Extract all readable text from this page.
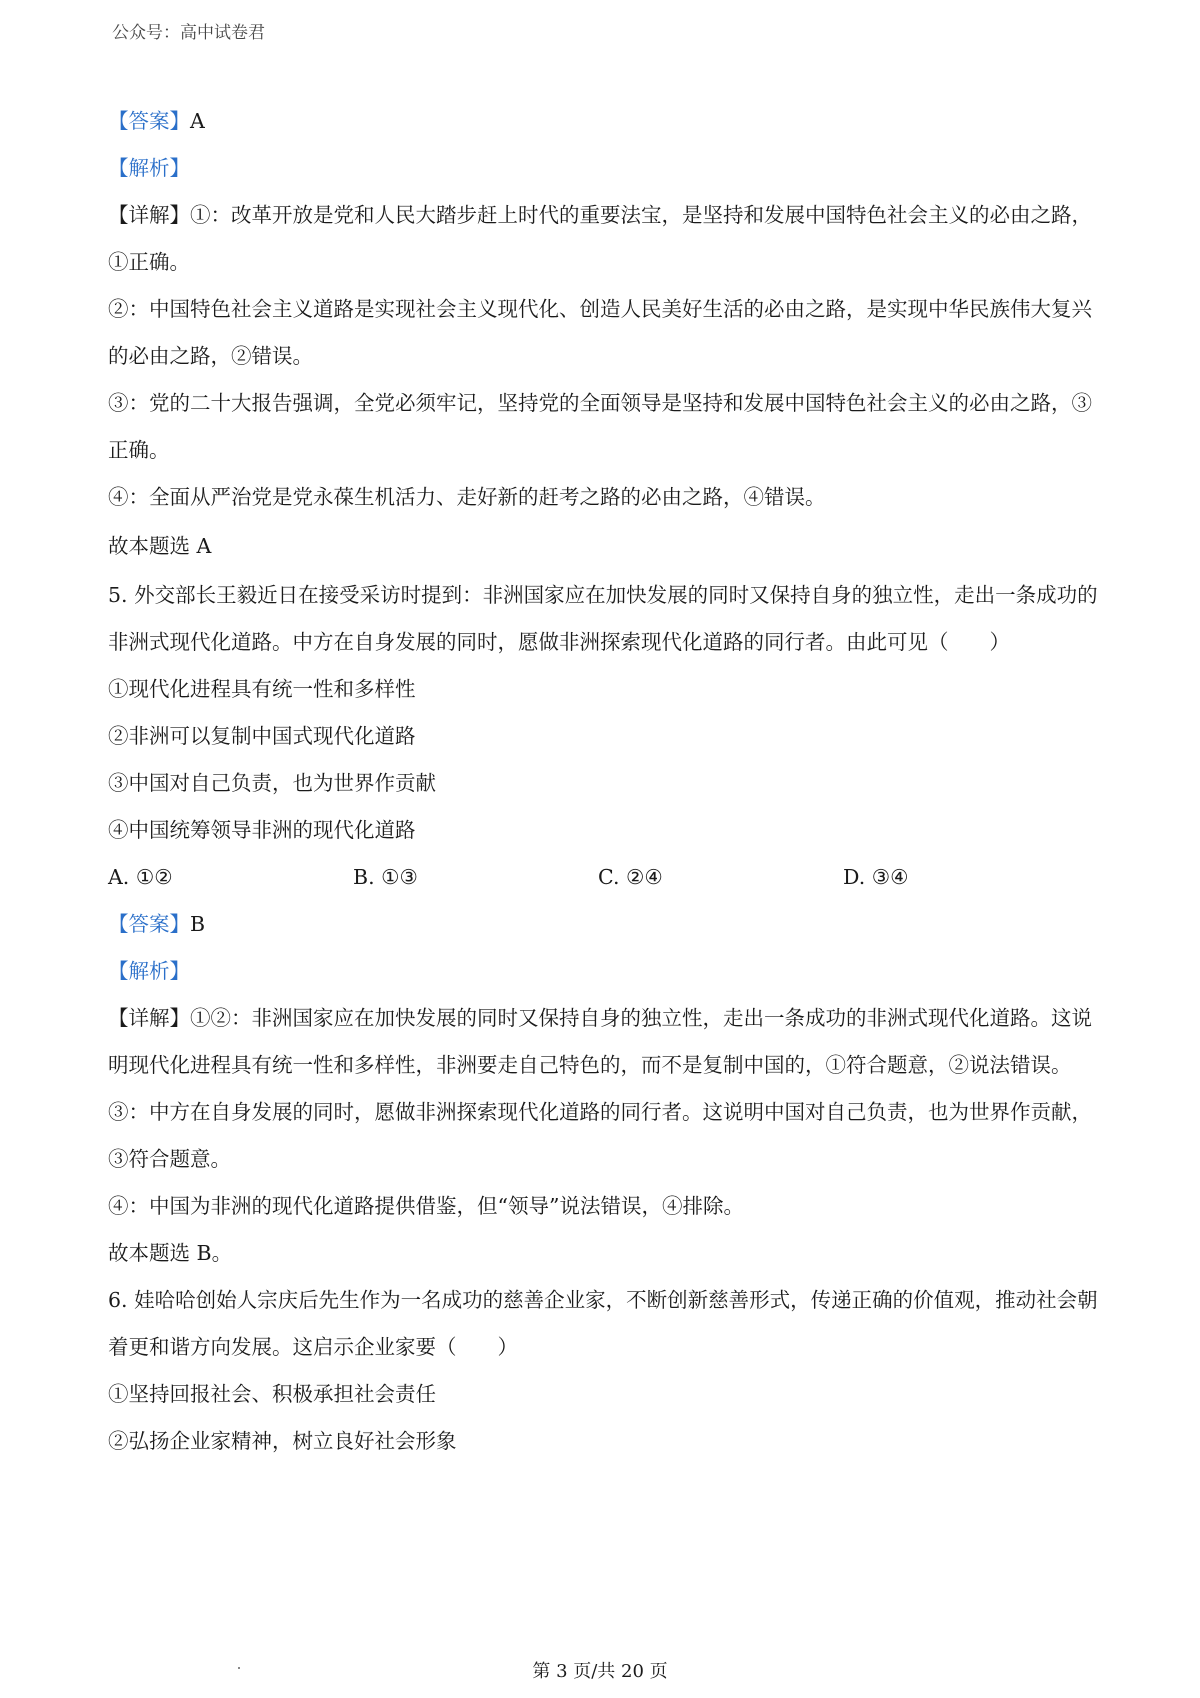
公众号：高中试卷君
【答案】A
【解析】
【详解】①：改革开放是党和人民大踏步赶上时代的重要法宝，是坚持和发展中国特色社会主义的必由之路，①正确。
②：中国特色社会主义道路是实现社会主义现代化、创造人民美好生活的必由之路，是实现中华民族伟大复兴的必由之路，②错误。
③：党的二十大报告强调，全党必须牢记，坚持党的全面领导是坚持和发展中国特色社会主义的必由之路，③正确。
④：全面从严治党是党永葆生机活力、走好新的赶考之路的必由之路，④错误。
故本题选 A
5. 外交部长王毅近日在接受采访时提到：非洲国家应在加快发展的同时又保持自身的独立性，走出一条成功的非洲式现代化道路。中方在自身发展的同时，愿做非洲探索现代化道路的同行者。由此可见（　　）
①现代化进程具有统一性和多样性
②非洲可以复制中国式现代化道路
③中国对自己负责，也为世界作贡献
④中国统筹领导非洲的现代化道路
A. ①②	B. ①③	C. ②④	D. ③④
【答案】B
【解析】
【详解】①②：非洲国家应在加快发展的同时又保持自身的独立性，走出一条成功的非洲式现代化道路。这说明现代化进程具有统一性和多样性，非洲要走自己特色的，而不是复制中国的，①符合题意，②说法错误。
③：中方在自身发展的同时，愿做非洲探索现代化道路的同行者。这说明中国对自己负责，也为世界作贡献，③符合题意。
④：中国为非洲的现代化道路提供借鉴，但“领导”说法错误，④排除。
故本题选 B。
6. 娃哈哈创始人宗庆后先生作为一名成功的慈善企业家，不断创新慈善形式，传递正确的价值观，推动社会朝着更和谐方向发展。这启示企业家要（　　）
①坚持回报社会、积极承担社会责任
②弘扬企业家精神，树立良好社会形象
第 3 页/共 20 页
